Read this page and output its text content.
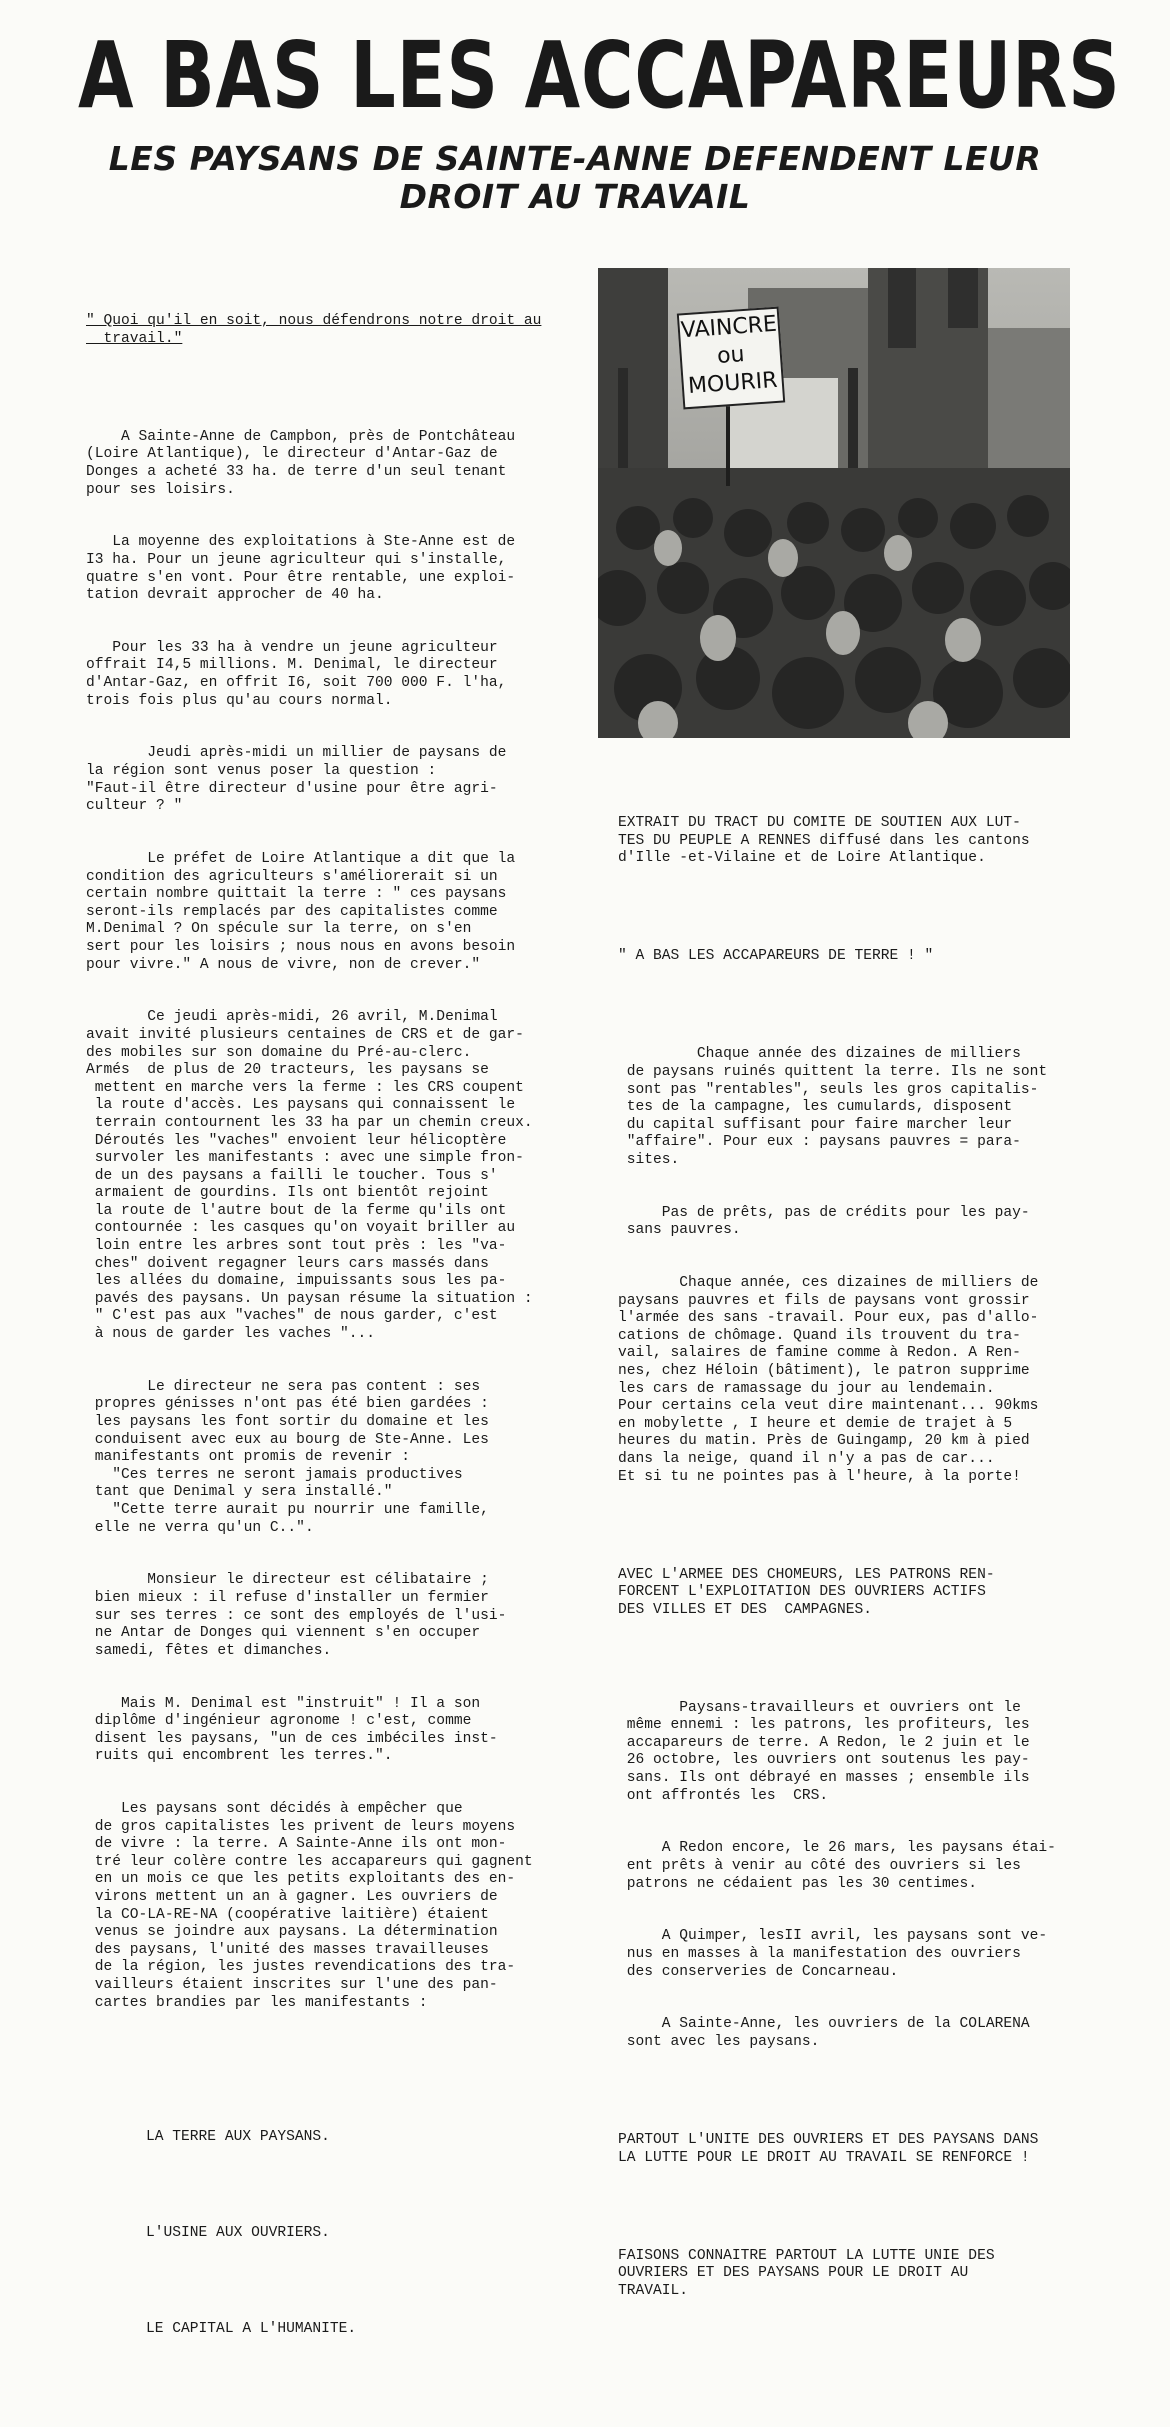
A BAS LES ACCAPAREURS
LES PAYSANS DE SAINTE-ANNE DEFENDENT LEUR DROIT AU TRAVAIL

" Quoi qu'il en soit, nous défendrons notre droit au
travail."

A Sainte-Anne de Campbon, près de Pontchâteau
(Loire Atlantique), le directeur d'Antar-Gaz de
Donges a acheté 33 ha. de terre d'un seul tenant
pour ses loisirs.

La moyenne des exploitations à Ste-Anne est de
I3 ha. Pour un jeune agriculteur qui s'installe,
quatre s'en vont. Pour être rentable, une exploi-
tation devrait approcher de 40 ha.

Pour les 33 ha à vendre un jeune agriculteur
offrait I4,5 millions. M. Denimal, le directeur
d'Antar-Gaz, en offrit I6, soit 700 000 F. l'ha,
trois fois plus qu'au cours normal.

Jeudi après-midi un millier de paysans de
la région sont venus poser la question :
"Faut-il être directeur d'usine pour être agri-
culteur ? "

Le préfet de Loire Atlantique a dit que la
condition des agriculteurs s'améliorerait si un
certain nombre quittait la terre : " ces paysans
seront-ils remplacés par des capitalistes comme
M.Denimal ? On spécule sur la terre, on s'en
sert pour les loisirs ; nous nous en avons besoin
pour vivre." A nous de vivre, non de crever."

Ce jeudi après-midi, 26 avril, M.Denimal
avait invité plusieurs centaines de CRS et de gar-
des mobiles sur son domaine du Pré-au-clerc.
Armés  de plus de 20 tracteurs, les paysans se
mettent en marche vers la ferme : les CRS coupent
la route d'accès. Les paysans qui connaissent le
terrain contournent les 33 ha par un chemin creux.
Déroutés les "vaches" envoient leur hélicoptère
survoler les manifestants : avec une simple fron-
de un des paysans a failli le toucher. Tous s'
armaient de gourdins. Ils ont bientôt rejoint
la route de l'autre bout de la ferme qu'ils ont
contournée : les casques qu'on voyait briller au
loin entre les arbres sont tout près : les "va-
ches" doivent regagner leurs cars massés dans
les allées du domaine, impuissants sous les pa-
pavés des paysans. Un paysan résume la situation :
" C'est pas aux "vaches" de nous garder, c'est
à nous de garder les vaches "...

Le directeur ne sera pas content : ses
propres génisses n'ont pas été bien gardées :
les paysans les font sortir du domaine et les
conduisent avec eux au bourg de Ste-Anne. Les
manifestants ont promis de revenir :
"Ces terres ne seront jamais productives
tant que Denimal y sera installé."
"Cette terre aurait pu nourrir une famille,
elle ne verra qu'un C..".

Monsieur le directeur est célibataire ;
bien mieux : il refuse d'installer un fermier
sur ses terres : ce sont des employés de l'usi-
ne Antar de Donges qui viennent s'en occuper
samedi, fêtes et dimanches.

Mais M. Denimal est "instruit" ! Il a son
diplôme d'ingénieur agronome ! c'est, comme
disent les paysans, "un de ces imbéciles inst-
ruits qui encombrent les terres.".

Les paysans sont décidés à empêcher que
de gros capitalistes les privent de leurs moyens
de vivre : la terre. A Sainte-Anne ils ont mon-
tré leur colère contre les accapareurs qui gagnent
en un mois ce que les petits exploitants des en-
virons mettent un an à gagner. Les ouvriers de
la CO-LA-RE-NA (coopérative laitière) étaient
venus se joindre aux paysans. La détermination
des paysans, l'unité des masses travailleuses
de la région, les justes revendications des tra-
vailleurs étaient inscrites sur l'une des pan-
cartes brandies par les manifestants :

LA TERRE AUX PAYSANS.

L'USINE AUX OUVRIERS.

LE CAPITAL A L'HUMANITE.

VAINCRE
ou
MOURIR

EXTRAIT DU TRACT DU COMITE DE SOUTIEN AUX LUT-
TES DU PEUPLE A RENNES diffusé dans les cantons
d'Ille -et-Vilaine et de Loire Atlantique.

" A BAS LES ACCAPAREURS DE TERRE ! "

Chaque année des dizaines de milliers
de paysans ruinés quittent la terre. Ils ne sont
sont pas "rentables", seuls les gros capitalis-
tes de la campagne, les cumulards, disposent
du capital suffisant pour faire marcher leur
"affaire". Pour eux : paysans pauvres = para-
sites.

Pas de prêts, pas de crédits pour les pay-
sans pauvres.

Chaque année, ces dizaines de milliers de
paysans pauvres et fils de paysans vont grossir
l'armée des sans -travail. Pour eux, pas d'allo-
cations de chômage. Quand ils trouvent du tra-
vail, salaires de famine comme à Redon. A Ren-
nes, chez Héloin (bâtiment), le patron supprime
les cars de ramassage du jour au lendemain.
Pour certains cela veut dire maintenant... 90kms
en mobylette , I heure et demie de trajet à 5
heures du matin. Près de Guingamp, 20 km à pied
dans la neige, quand il n'y a pas de car...
Et si tu ne pointes pas à l'heure, à la porte!

AVEC L'ARMEE DES CHOMEURS, LES PATRONS REN-
FORCENT L'EXPLOITATION DES OUVRIERS ACTIFS
DES VILLES ET DES  CAMPAGNES.

Paysans-travailleurs et ouvriers ont le
même ennemi : les patrons, les profiteurs, les
accapareurs de terre. A Redon, le 2 juin et le
26 octobre, les ouvriers ont soutenus les pay-
sans. Ils ont débrayé en masses ; ensemble ils
ont affrontés les  CRS.

A Redon encore, le 26 mars, les paysans étai-
ent prêts à venir au côté des ouvriers si les
patrons ne cédaient pas les 30 centimes.

A Quimper, lesII avril, les paysans sont ve-
nus en masses à la manifestation des ouvriers
des conserveries de Concarneau.

A Sainte-Anne, les ouvriers de la COLARENA
sont avec les paysans.

PARTOUT L'UNITE DES OUVRIERS ET DES PAYSANS DANS
LA LUTTE POUR LE DROIT AU TRAVAIL SE RENFORCE !

FAISONS CONNAITRE PARTOUT LA LUTTE UNIE DES
OUVRIERS ET DES PAYSANS POUR LE DROIT AU
TRAVAIL.
